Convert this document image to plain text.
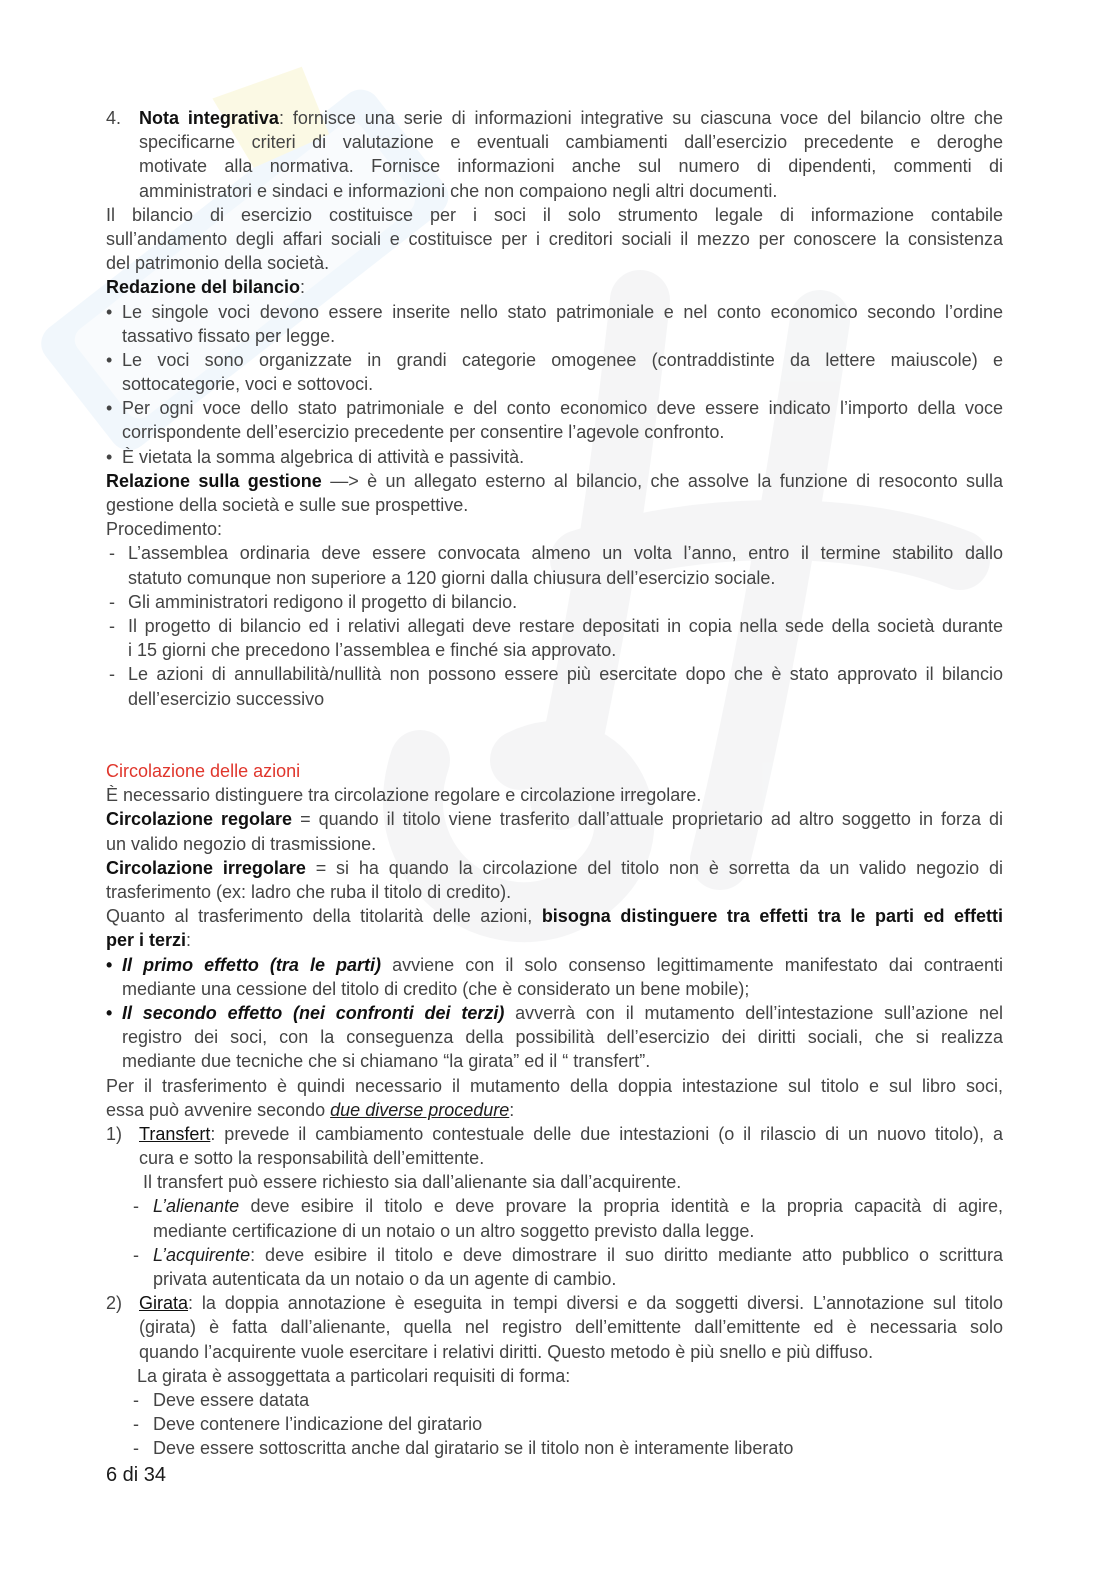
4. Nota integrativa: fornisce una serie di informazioni integrative su ciascuna voce del bilancio oltre che
specificarne criteri di valutazione e eventuali cambiamenti dall’esercizio precedente e deroghe
motivate alla normativa. Fornisce informazioni anche sul numero di dipendenti, commenti di
amministratori e sindaci e informazioni che non compaiono negli altri documenti.
Il bilancio di esercizio costituisce per i soci il solo strumento legale di informazione contabile
sull’andamento degli affari sociali e costituisce per i creditori sociali il mezzo per conoscere la consistenza
del patrimonio della società.
Redazione del bilancio:
• Le singole voci devono essere inserite nello stato patrimoniale e nel conto economico secondo l’ordine
tassativo fissato per legge.
• Le voci sono organizzate in grandi categorie omogenee (contraddistinte da lettere maiuscole) e
sottocategorie, voci e sottovoci.
• Per ogni voce dello stato patrimoniale e del conto economico deve essere indicato l’importo della voce
corrispondente dell’esercizio precedente per consentire l’agevole confronto.
• È vietata la somma algebrica di attività e passività.
Relazione sulla gestione —> è un allegato esterno al bilancio, che assolve la funzione di resoconto sulla
gestione della società e sulle sue prospettive.
Procedimento:
- L’assemblea ordinaria deve essere convocata almeno un volta l’anno, entro il termine stabilito dallo
statuto comunque non superiore a 120 giorni dalla chiusura dell’esercizio sociale.
- Gli amministratori redigono il progetto di bilancio.
- Il progetto di bilancio ed i relativi allegati deve restare depositati in copia nella sede della società durante
i 15 giorni che precedono l’assemblea e finché sia approvato.
- Le azioni di annullabilità/nullità non possono essere più esercitate dopo che è stato approvato il bilancio
dell’esercizio successivo
Circolazione delle azioni
È necessario distinguere tra circolazione regolare e circolazione irregolare.
Circolazione regolare = quando il titolo viene trasferito dall’attuale proprietario ad altro soggetto in forza di
un valido negozio di trasmissione.
Circolazione irregolare = si ha quando la circolazione del titolo non è sorretta da un valido negozio di
trasferimento (ex: ladro che ruba il titolo di credito).
Quanto al trasferimento della titolarità delle azioni, bisogna distinguere tra effetti tra le parti ed effetti
per i terzi:
• Il primo effetto (tra le parti) avviene con il solo consenso legittimamente manifestato dai contraenti
mediante una cessione del titolo di credito (che è considerato un bene mobile);
• Il secondo effetto (nei confronti dei terzi) avverrà con il mutamento dell’intestazione sull’azione nel
registro dei soci, con la conseguenza della possibilità dell’esercizio dei diritti sociali, che si realizza
mediante due tecniche che si chiamano “la girata” ed il “ transfert”.
Per il trasferimento è quindi necessario il mutamento della doppia intestazione sul titolo e sul libro soci,
essa può avvenire secondo due diverse procedure:
1) Transfert: prevede il cambiamento contestuale delle due intestazioni (o il rilascio di un nuovo titolo), a
cura e sotto la responsabilità dell’emittente.
Il transfert può essere richiesto sia dall’alienante sia dall’acquirente.
- L’alienante deve esibire il titolo e deve provare la propria identità e la propria capacità di agire,
mediante certificazione di un notaio o un altro soggetto previsto dalla legge.
- L’acquirente: deve esibire il titolo e deve dimostrare il suo diritto mediante atto pubblico o scrittura
privata autenticata da un notaio o da un agente di cambio.
2) Girata: la doppia annotazione è eseguita in tempi diversi e da soggetti diversi. L’annotazione sul titolo
(girata) è fatta dall’alienante, quella nel registro dell’emittente dall’emittente ed è necessaria solo
quando l’acquirente vuole esercitare i relativi diritti. Questo metodo è più snello e più diffuso.
La girata è assoggettata a particolari requisiti di forma:
- Deve essere datata
- Deve contenere l’indicazione del giratario
- Deve essere sottoscritta anche dal giratario se il titolo non è interamente liberato
6 di 34
